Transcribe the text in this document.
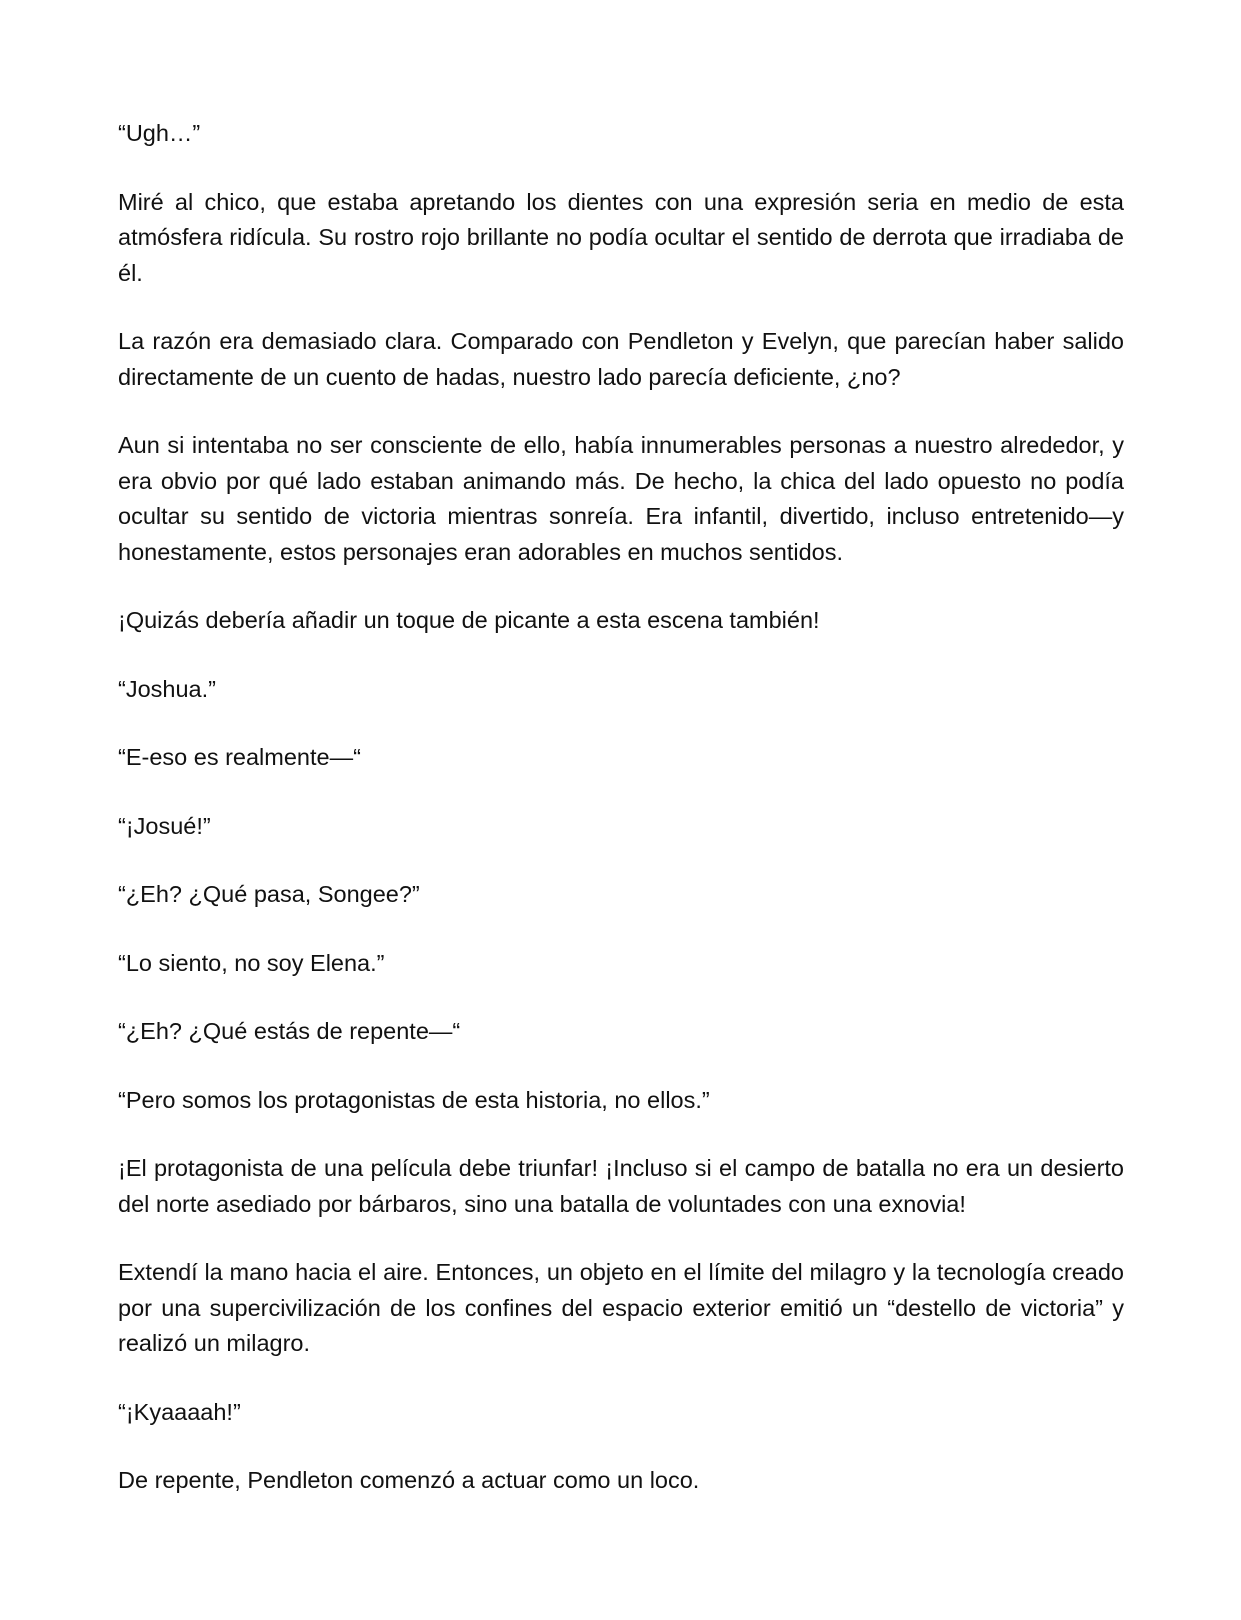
“Ugh…”

Miré al chico, que estaba apretando los dientes con una expresión seria en medio de esta atmósfera ridícula. Su rostro rojo brillante no podía ocultar el sentido de derrota que irradiaba de él.

La razón era demasiado clara. Comparado con Pendleton y Evelyn, que parecían haber salido directamente de un cuento de hadas, nuestro lado parecía deficiente, ¿no?

Aun si intentaba no ser consciente de ello, había innumerables personas a nuestro alrededor, y era obvio por qué lado estaban animando más. De hecho, la chica del lado opuesto no podía ocultar su sentido de victoria mientras sonreía. Era infantil, divertido, incluso entretenido—y honestamente, estos personajes eran adorables en muchos sentidos.

¡Quizás debería añadir un toque de picante a esta escena también!

“Joshua.”

“E-eso es realmente—“

“¡Josué!”

“¿Eh? ¿Qué pasa, Songee?”

“Lo siento, no soy Elena.”

“¿Eh? ¿Qué estás de repente—“

“Pero somos los protagonistas de esta historia, no ellos.”

¡El protagonista de una película debe triunfar! ¡Incluso si el campo de batalla no era un desierto del norte asediado por bárbaros, sino una batalla de voluntades con una exnovia!

Extendí la mano hacia el aire. Entonces, un objeto en el límite del milagro y la tecnología creado por una supercivilización de los confines del espacio exterior emitió un “destello de victoria” y realizó un milagro.

“¡Kyaaaah!”

De repente, Pendleton comenzó a actuar como un loco.
